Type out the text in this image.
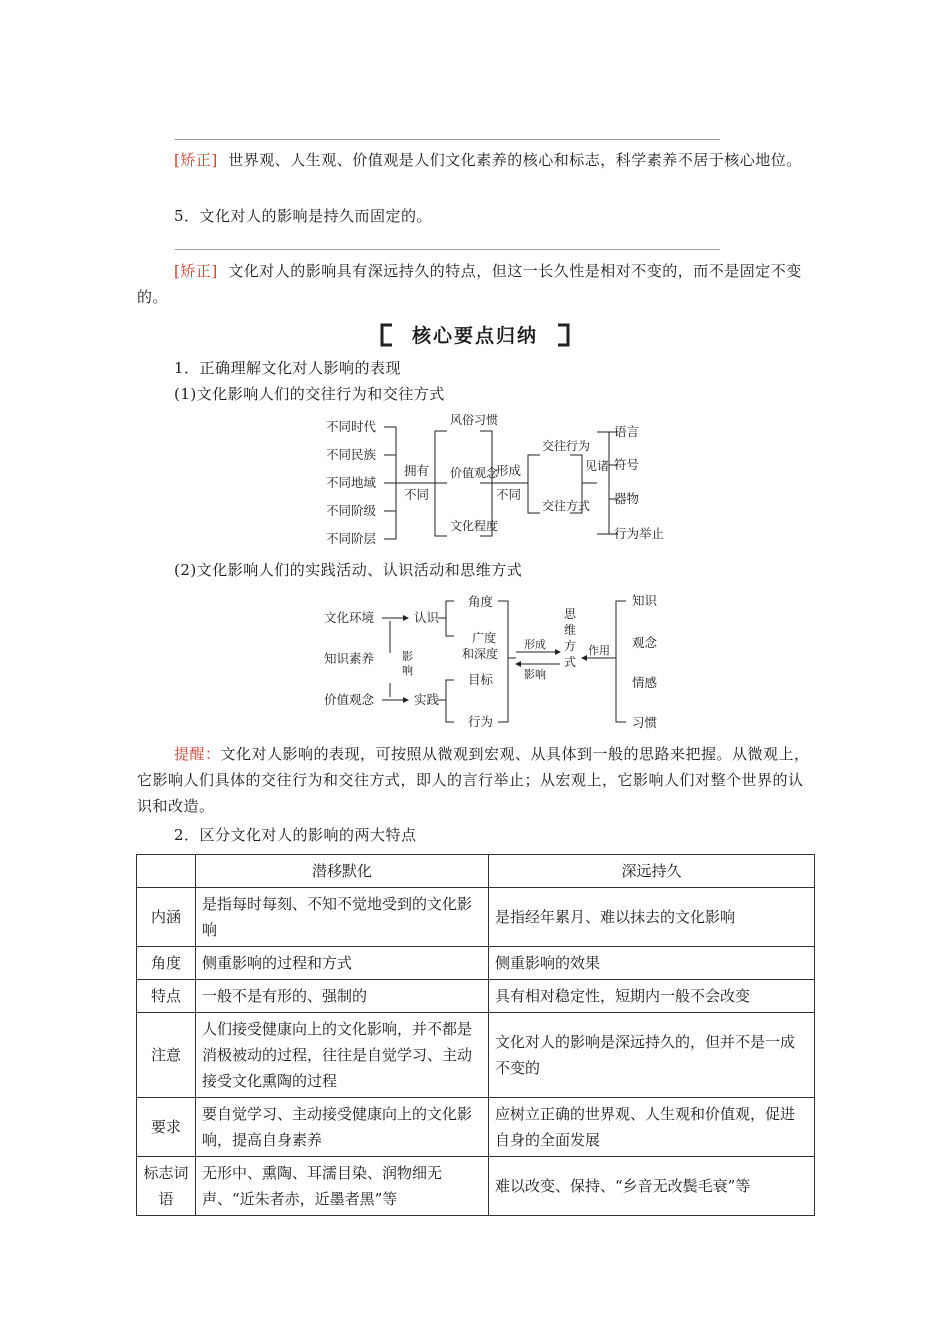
[矫正] 世界观、人生观、价值观是人们文化素养的核心和标志，科学素养不居于核心地位。
5．文化对人的影响是持久而固定的。
[矫正] 文化对人的影响具有深远持久的特点，但这一长久性是相对不变的，而不是固定不变的。
核心要点归纳
1．正确理解文化对人影响的表现
(1)文化影响人们的交往行为和交往方式
不同时代
不同民族
不同地域
不同阶级
不同阶层
拥有
不同
风俗习惯
价值观念
文化程度
形成
不同
交往行为
交往方式
见诸
语言
符号
器物
行为举止
(2)文化影响人们的实践活动、认识活动和思维方式
文化环境
知识素养
价值观念
影
响
认识
实践
角度
广度
和深度
目标
行为
形成
影响
思
维
方
式
作用
知识
观念
情感
习惯
提醒：文化对人影响的表现，可按照从微观到宏观、从具体到一般的思路来把握。从微观上，它影响人们具体的交往行为和交往方式，即人的言行举止；从宏观上，它影响人们对整个世界的认识和改造。
2．区分文化对人的影响的两大特点
	潜移默化	深远持久
内涵	是指每时每刻、不知不觉地受到的文化影响	是指经年累月、难以抹去的文化影响
角度	侧重影响的过程和方式	侧重影响的效果
特点	一般不是有形的、强制的	具有相对稳定性，短期内一般不会改变
注意	人们接受健康向上的文化影响，并不都是消极被动的过程，往往是自觉学习、主动接受文化熏陶的过程	文化对人的影响是深远持久的，但并不是一成不变的
要求	要自觉学习、主动接受健康向上的文化影响，提高自身素养	应树立正确的世界观、人生观和价值观，促进自身的全面发展
标志词语	无形中、熏陶、耳濡目染、润物细无声、“近朱者赤，近墨者黑”等	难以改变、保持、“乡音无改鬓毛衰”等
